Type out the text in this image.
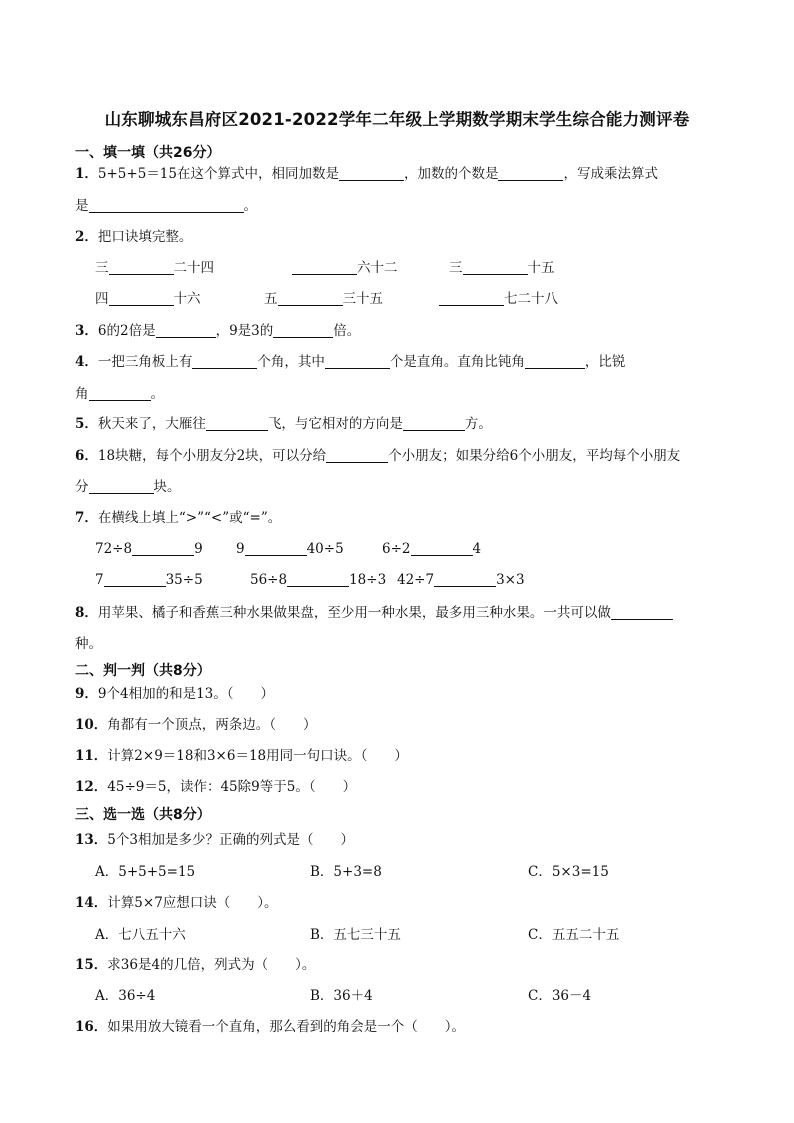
山东聊城东昌府区2021-2022学年二年级上学期数学期末学生综合能力测评卷
一、填一填（共26分）
1．5+5+5＝15在这个算式中，相同加数是	，加数的个数是	，写成乘法算式
是	。
2．把口诀填完整。
三	二十四	六十二	三	十五
四	十六	五	三十五	七二十八
3．6的2倍是	，9是3的	倍。
4．一把三角板上有	个角，其中	个是直角。直角比钝角	，比锐
角	。
5．秋天来了，大雁往	飞，与它相对的方向是	方。
6．18块糖，每个小朋友分2块，可以分给	个小朋友；如果分给6个小朋友，平均每个小朋友
分	块。
7．在横线上填上“>”“<”或“=”。
72÷8	9 9	40÷5	6÷2	4
7	35÷5	56÷8	18÷3 42÷7	3×3
8．用苹果、橘子和香蕉三种水果做果盘，至少用一种水果，最多用三种水果。一共可以做
种。
二、判一判（共8分）
9．9个4相加的和是13。（　　）
10．角都有一个顶点，两条边。（　　）
11．计算2×9＝18和3×6＝18用同一句口诀。（　　）
12．45÷9＝5，读作：45除9等于5。（　　）
三、选一选（共8分）
13．5个3相加是多少？正确的列式是（　　）
A．5+5+5=15	B．5+3=8	C．5×3=15
14．计算5×7应想口诀（　　）。
A．七八五十六	B．五七三十五	C．五五二十五
15．求36是4的几倍，列式为（　　）。
A．36÷4	B．36＋4	C．36－4
16．如果用放大镜看一个直角，那么看到的角会是一个（　　）。
